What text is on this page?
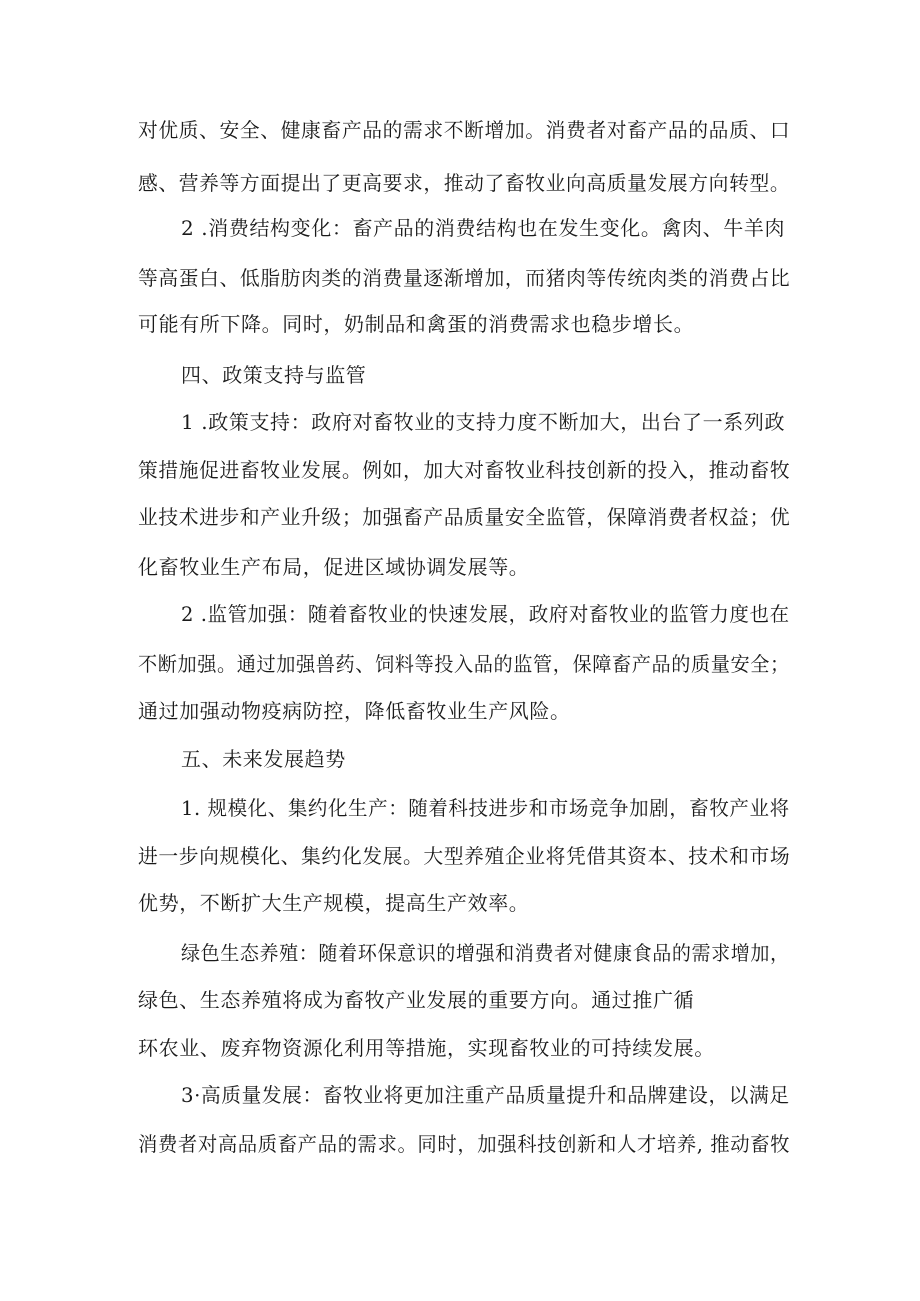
对优质、安全、健康畜产品的需求不断增加。消费者对畜产品的品质、口
感、营养等方面提出了更高要求，推动了畜牧业向高质量发展方向转型。
2 .消费结构变化：畜产品的消费结构也在发生变化。禽肉、牛羊肉
等高蛋白、低脂肪肉类的消费量逐渐增加，而猪肉等传统肉类的消费占比
可能有所下降。同时，奶制品和禽蛋的消费需求也稳步增长。
四、政策支持与监管
1 .政策支持：政府对畜牧业的支持力度不断加大，出台了一系列政
策措施促进畜牧业发展。例如，加大对畜牧业科技创新的投入，推动畜牧
业技术进步和产业升级；加强畜产品质量安全监管，保障消费者权益；优
化畜牧业生产布局，促进区域协调发展等。
2 .监管加强：随着畜牧业的快速发展，政府对畜牧业的监管力度也在
不断加强。通过加强兽药、饲料等投入品的监管，保障畜产品的质量安全；
通过加强动物疫病防控，降低畜牧业生产风险。
五、未来发展趋势
1. 规模化、集约化生产：随着科技进步和市场竞争加剧，畜牧产业将
进一步向规模化、集约化发展。大型养殖企业将凭借其资本、技术和市场
优势，不断扩大生产规模，提高生产效率。
绿色生态养殖：随着环保意识的增强和消费者对健康食品的需求增加，
绿色、生态养殖将成为畜牧产业发展的重要方向。通过推广循
环农业、废弃物资源化利用等措施，实现畜牧业的可持续发展。
3·高质量发展：畜牧业将更加注重产品质量提升和品牌建设，以满足
消费者对高品质畜产品的需求。同时，加强科技创新和人才培养, 推动畜牧
